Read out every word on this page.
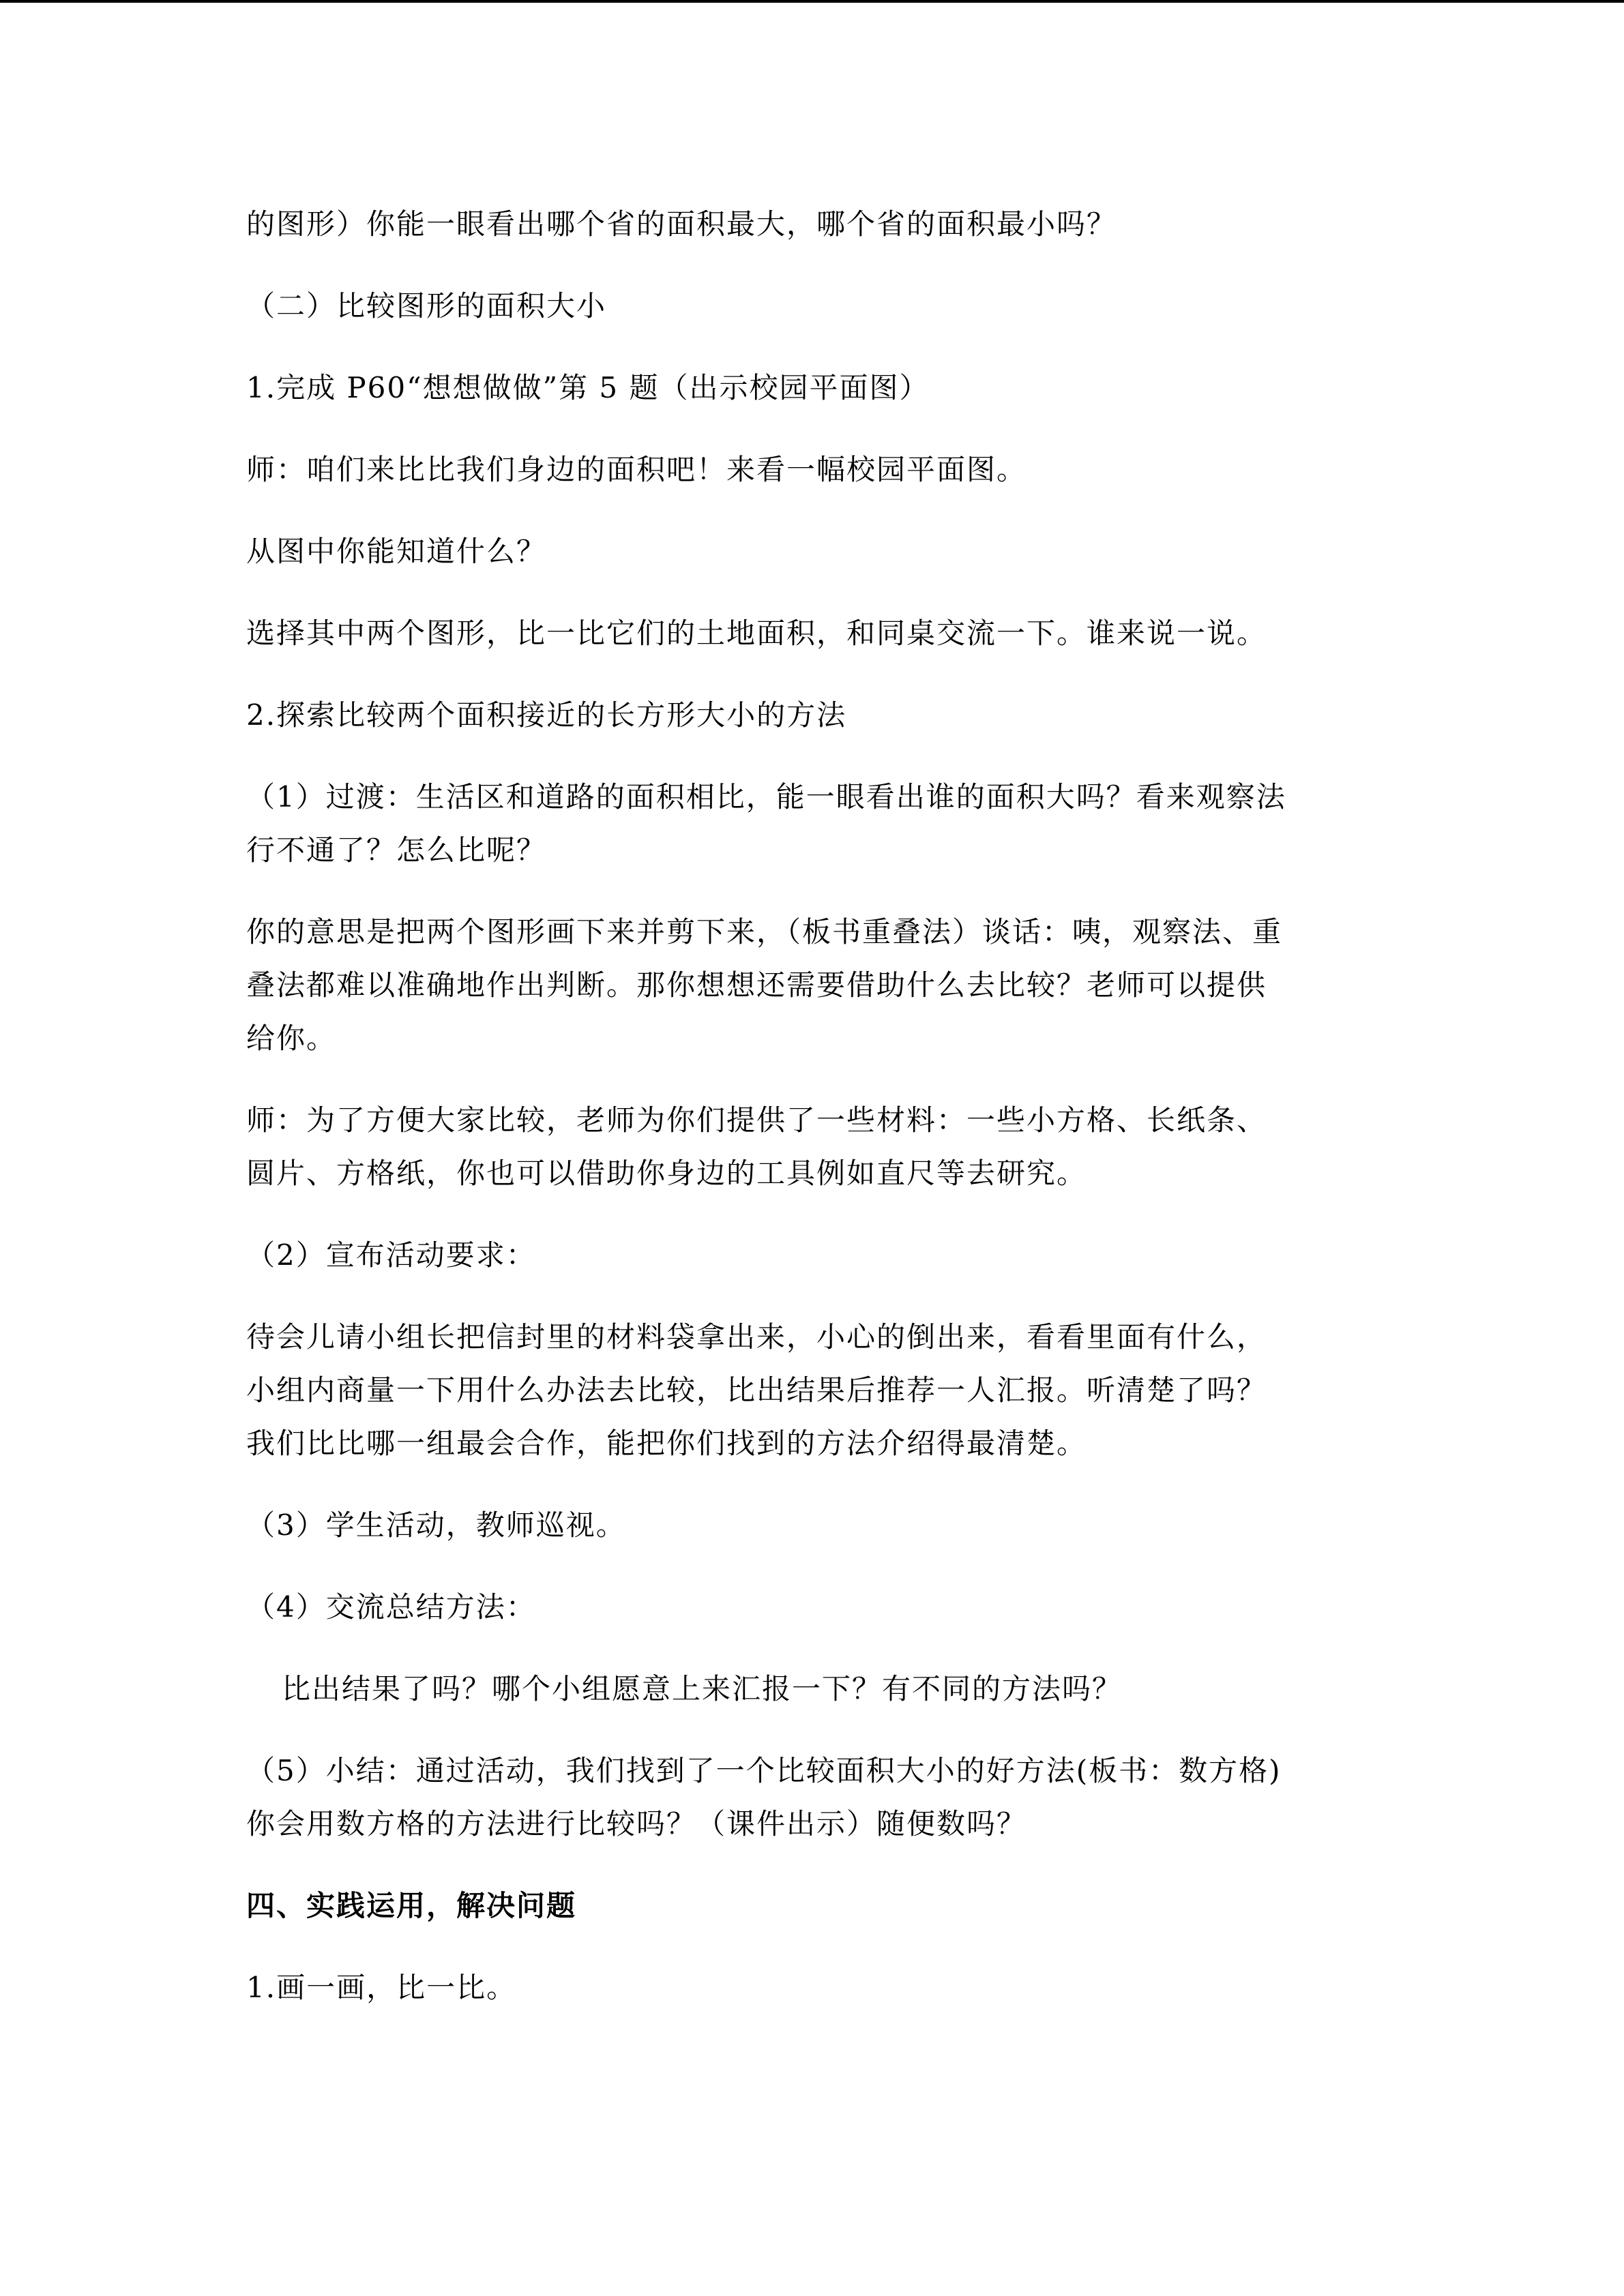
的图形）你能一眼看出哪个省的面积最大，哪个省的面积最小吗？

（二）比较图形的面积大小

1.完成 P60“想想做做”第 5 题（出示校园平面图）

师：咱们来比比我们身边的面积吧！来看一幅校园平面图。

从图中你能知道什么？

选择其中两个图形，比一比它们的土地面积，和同桌交流一下。谁来说一说。

2.探索比较两个面积接近的长方形大小的方法

（1）过渡：生活区和道路的面积相比，能一眼看出谁的面积大吗？看来观察法
行不通了？怎么比呢？

你的意思是把两个图形画下来并剪下来，（板书重叠法）谈话：咦，观察法、重
叠法都难以准确地作出判断。那你想想还需要借助什么去比较？老师可以提供
给你。

师：为了方便大家比较，老师为你们提供了一些材料：一些小方格、长纸条、
圆片、方格纸，你也可以借助你身边的工具例如直尺等去研究。

（2）宣布活动要求：

待会儿请小组长把信封里的材料袋拿出来，小心的倒出来，看看里面有什么，
小组内商量一下用什么办法去比较，比出结果后推荐一人汇报。听清楚了吗？
我们比比哪一组最会合作，能把你们找到的方法介绍得最清楚。

（3）学生活动，教师巡视。

（4）交流总结方法：

比出结果了吗？哪个小组愿意上来汇报一下？有不同的方法吗？

（5）小结：通过活动，我们找到了一个比较面积大小的好方法(板书：数方格)
你会用数方格的方法进行比较吗？（课件出示）随便数吗？

四、实践运用，解决问题

1.画一画，比一比。
